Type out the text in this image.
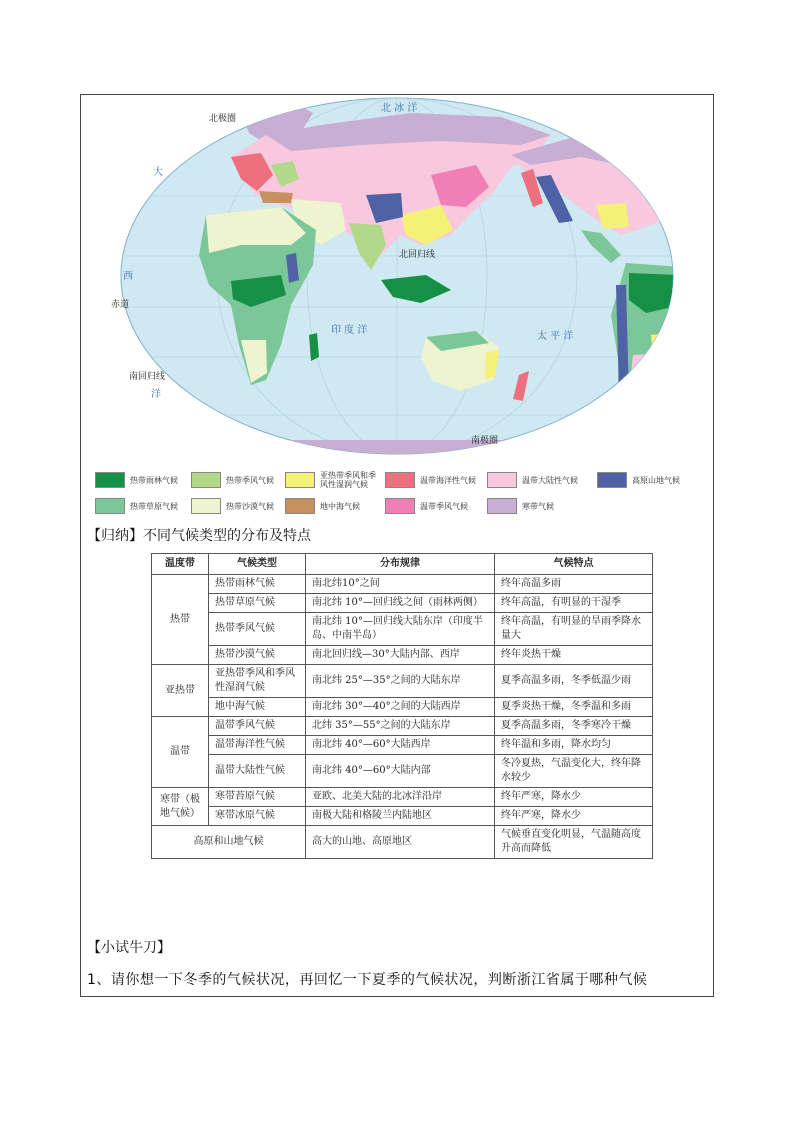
北极圈
北 冰 洋
北回归线
赤道
南回归线
南极圈
印 度 洋
太 平 洋
西
大
洋
热带雨林气候	热带季风气候	亚热带季风和季风性湿润气候	温带海洋性气候	温带大陆性气候	高原山地气候
热带草原气候	热带沙漠气候	地中海气候	温带季风气候	寒带气候
【归纳】不同气候类型的分布及特点
温度带	气候类型	分布规律	气候特点
热带	热带雨林气候	南北纬10°之间	终年高温多雨
	热带草原气候	南北纬 10°—回归线之间（雨林两侧）	终年高温，有明显的干湿季
	热带季风气候	南北纬 10°—回归线大陆东岸（印度半岛、中南半岛）	终年高温，有明显的旱雨季降水量大
	热带沙漠气候	南北回归线—30°大陆内部、西岸	终年炎热干燥
亚热带	亚热带季风和季风性湿润气候	南北纬 25°—35°之间的大陆东岸	夏季高温多雨，冬季低温少雨
	地中海气候	南北纬 30°—40°之间的大陆西岸	夏季炎热干燥，冬季温和多雨
温带	温带季风气候	北纬 35°—55°之间的大陆东岸	夏季高温多雨，冬季寒冷干燥
	温带海洋性气候	南北纬 40°—60°大陆西岸	终年温和多雨，降水均匀
	温带大陆性气候	南北纬 40°—60°大陆内部	冬冷夏热，气温变化大，终年降水较少
寒带（极地气候）	寒带苔原气候	亚欧、北美大陆的北冰洋沿岸	终年严寒，降水少
	寒带冰原气候	南极大陆和格陵兰内陆地区	终年严寒，降水少
高原和山地气候		高大的山地、高原地区	气候垂直变化明显，气温随高度升高而降低
【小试牛刀】
1、请你想一下冬季的气候状况，再回忆一下夏季的气候状况，判断浙江省属于哪种气候
